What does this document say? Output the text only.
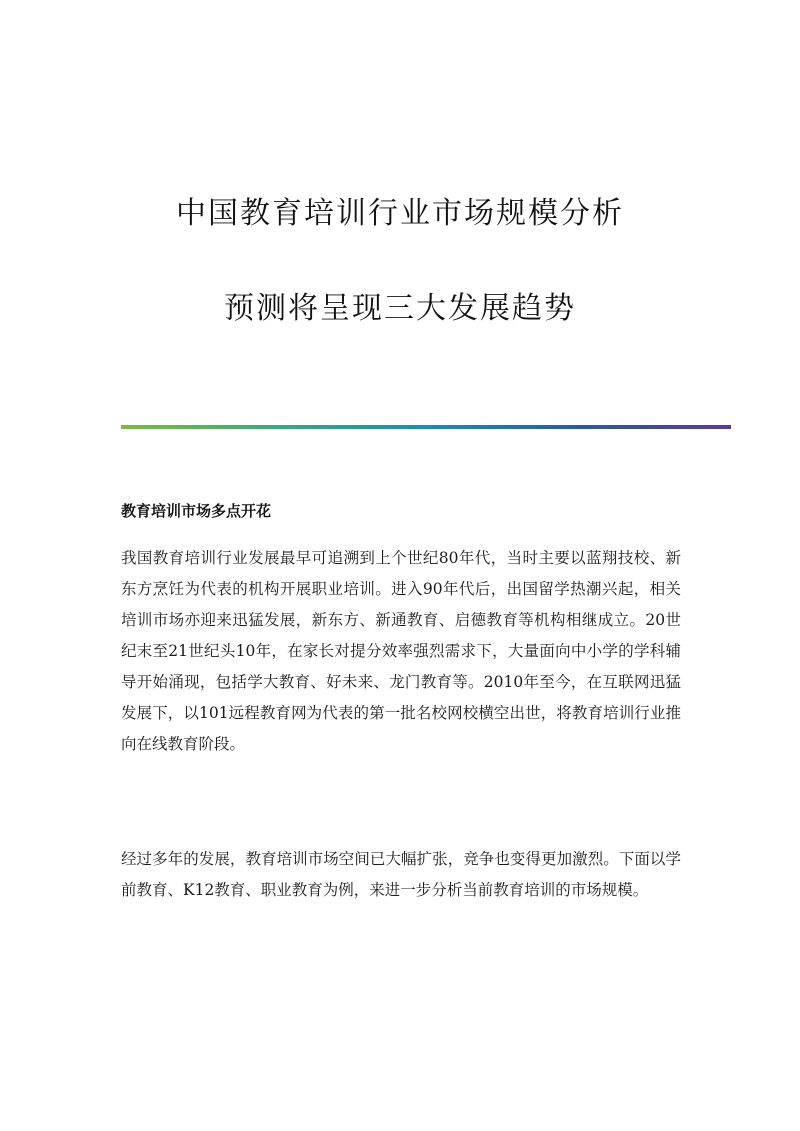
中国教育培训行业市场规模分析
预测将呈现三大发展趋势
教育培训市场多点开花

我国教育培训行业发展最早可追溯到上个世纪80年代，当时主要以蓝翔技校、新东方烹饪为代表的机构开展职业培训。进入90年代后，出国留学热潮兴起，相关培训市场亦迎来迅猛发展，新东方、新通教育、启德教育等机构相继成立。20世纪末至21世纪头10年，在家长对提分效率强烈需求下，大量面向中小学的学科辅导开始涌现，包括学大教育、好未来、龙门教育等。2010年至今，在互联网迅猛发展下，以101远程教育网为代表的第一批名校网校横空出世，将教育培训行业推向在线教育阶段。

经过多年的发展，教育培训市场空间已大幅扩张，竞争也变得更加激烈。下面以学前教育、K12教育、职业教育为例，来进一步分析当前教育培训的市场规模。
